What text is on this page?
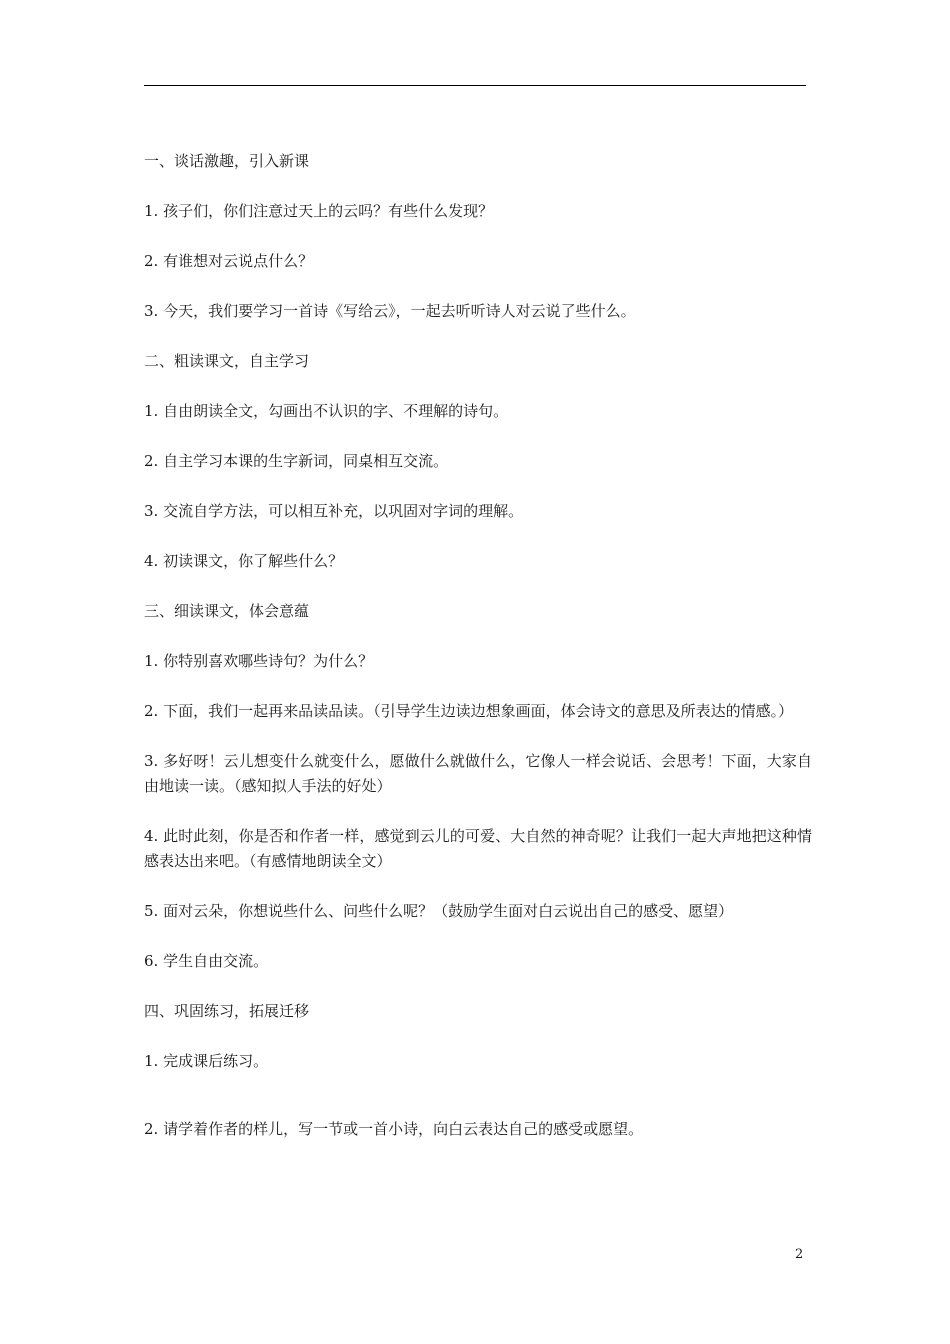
一、谈话激趣，引入新课

1. 孩子们，你们注意过天上的云吗？有些什么发现？

2. 有谁想对云说点什么？

3. 今天，我们要学习一首诗《写给云》，一起去听听诗人对云说了些什么。

二、粗读课文，自主学习

1. 自由朗读全文，勾画出不认识的字、不理解的诗句。

2. 自主学习本课的生字新词，同桌相互交流。

3. 交流自学方法，可以相互补充，以巩固对字词的理解。

4. 初读课文，你了解些什么？

三、细读课文，体会意蕴

1. 你特别喜欢哪些诗句？为什么？

2. 下面，我们一起再来品读品读。（引导学生边读边想象画面，体会诗文的意思及所表达的情感。）

3. 多好呀！云儿想变什么就变什么，愿做什么就做什么，它像人一样会说话、会思考！下面，大家自由地读一读。（感知拟人手法的好处）

4. 此时此刻，你是否和作者一样，感觉到云儿的可爱、大自然的神奇呢？让我们一起大声地把这种情感表达出来吧。（有感情地朗读全文）

5. 面对云朵，你想说些什么、问些什么呢？（鼓励学生面对白云说出自己的感受、愿望）

6. 学生自由交流。

四、巩固练习，拓展迁移

1. 完成课后练习。

2. 请学着作者的样儿，写一节或一首小诗，向白云表达自己的感受或愿望。

2
